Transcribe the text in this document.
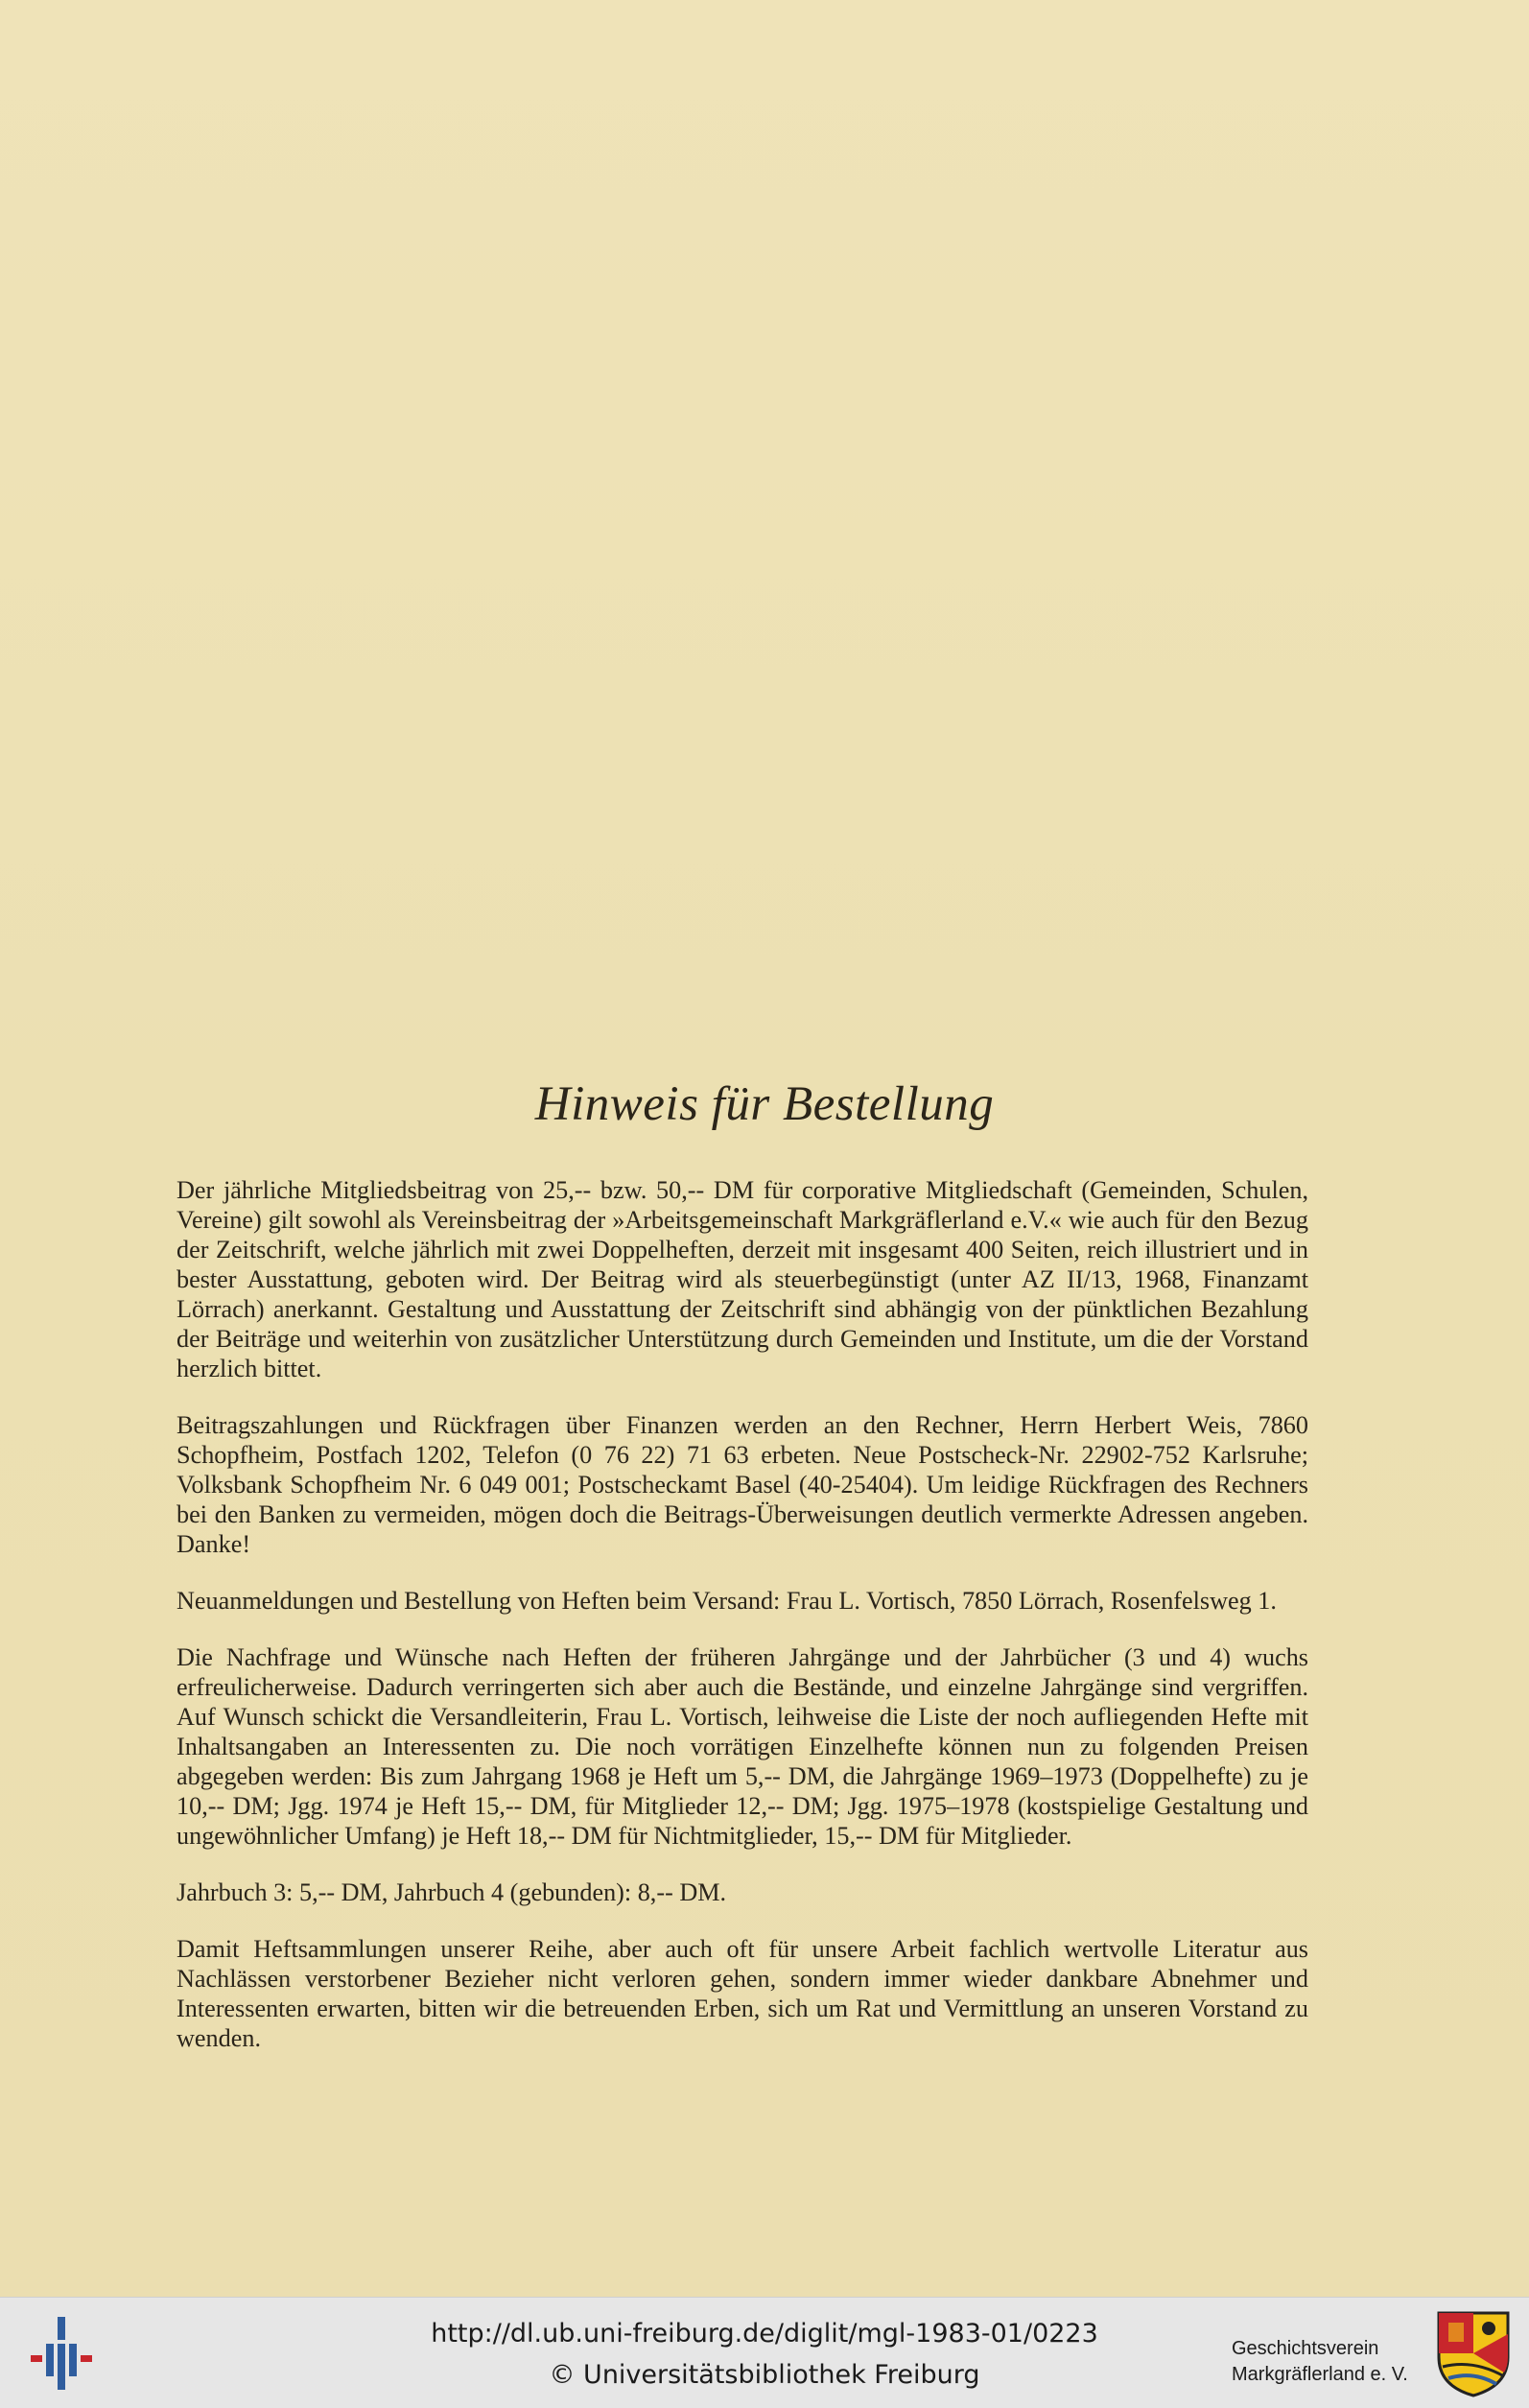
Hinweis für Bestellung

Der jährliche Mitgliedsbeitrag von 25,-- bzw. 50,-- DM für corporative Mitgliedschaft (Gemeinden, Schulen, Vereine) gilt sowohl als Vereinsbeitrag der »Arbeitsgemeinschaft Markgräflerland e.V.« wie auch für den Bezug der Zeitschrift, welche jährlich mit zwei Doppelheften, derzeit mit insgesamt 400 Seiten, reich illustriert und in bester Ausstattung, geboten wird. Der Beitrag wird als steuerbegünstigt (unter AZ II/13, 1968, Finanzamt Lörrach) anerkannt. Gestaltung und Ausstattung der Zeitschrift sind abhängig von der pünktlichen Bezahlung der Beiträge und weiterhin von zusätzlicher Unterstützung durch Gemeinden und Institute, um die der Vorstand herzlich bittet.

Beitragszahlungen und Rückfragen über Finanzen werden an den Rechner, Herrn Herbert Weis, 7860 Schopfheim, Postfach 1202, Telefon (0 76 22) 71 63 erbeten. Neue Postscheck-Nr. 22902-752 Karlsruhe; Volksbank Schopfheim Nr. 6 049 001; Postscheckamt Basel (40-25404). Um leidige Rückfragen des Rechners bei den Banken zu vermeiden, mögen doch die Beitrags-Überweisungen deutlich vermerkte Adressen angeben. Danke!

Neuanmeldungen und Bestellung von Heften beim Versand: Frau L. Vortisch, 7850 Lörrach, Rosenfelsweg 1.

Die Nachfrage und Wünsche nach Heften der früheren Jahrgänge und der Jahrbücher (3 und 4) wuchs erfreulicherweise. Dadurch verringerten sich aber auch die Bestände, und einzelne Jahrgänge sind vergriffen. Auf Wunsch schickt die Versandleiterin, Frau L. Vortisch, leihweise die Liste der noch aufliegenden Hefte mit Inhaltsangaben an Interessenten zu. Die noch vorrätigen Einzelhefte können nun zu folgenden Preisen abgegeben werden: Bis zum Jahrgang 1968 je Heft um 5,-- DM, die Jahrgänge 1969–1973 (Doppelhefte) zu je 10,-- DM; Jgg. 1974 je Heft 15,-- DM, für Mitglieder 12,-- DM; Jgg. 1975–1978 (kostspielige Gestaltung und ungewöhnlicher Umfang) je Heft 18,-- DM für Nichtmitglieder, 15,-- DM für Mitglieder.

Jahrbuch 3: 5,-- DM, Jahrbuch 4 (gebunden): 8,-- DM.

Damit Heftsammlungen unserer Reihe, aber auch oft für unsere Arbeit fachlich wertvolle Literatur aus Nachlässen verstorbener Bezieher nicht verloren gehen, sondern immer wieder dankbare Abnehmer und Interessenten erwarten, bitten wir die betreuenden Erben, sich um Rat und Vermittlung an unseren Vorstand zu wenden.

http://dl.ub.uni-freiburg.de/diglit/mgl-1983-01/0223
© Universitätsbibliothek Freiburg
Geschichtsverein
Markgräflerland e. V.
